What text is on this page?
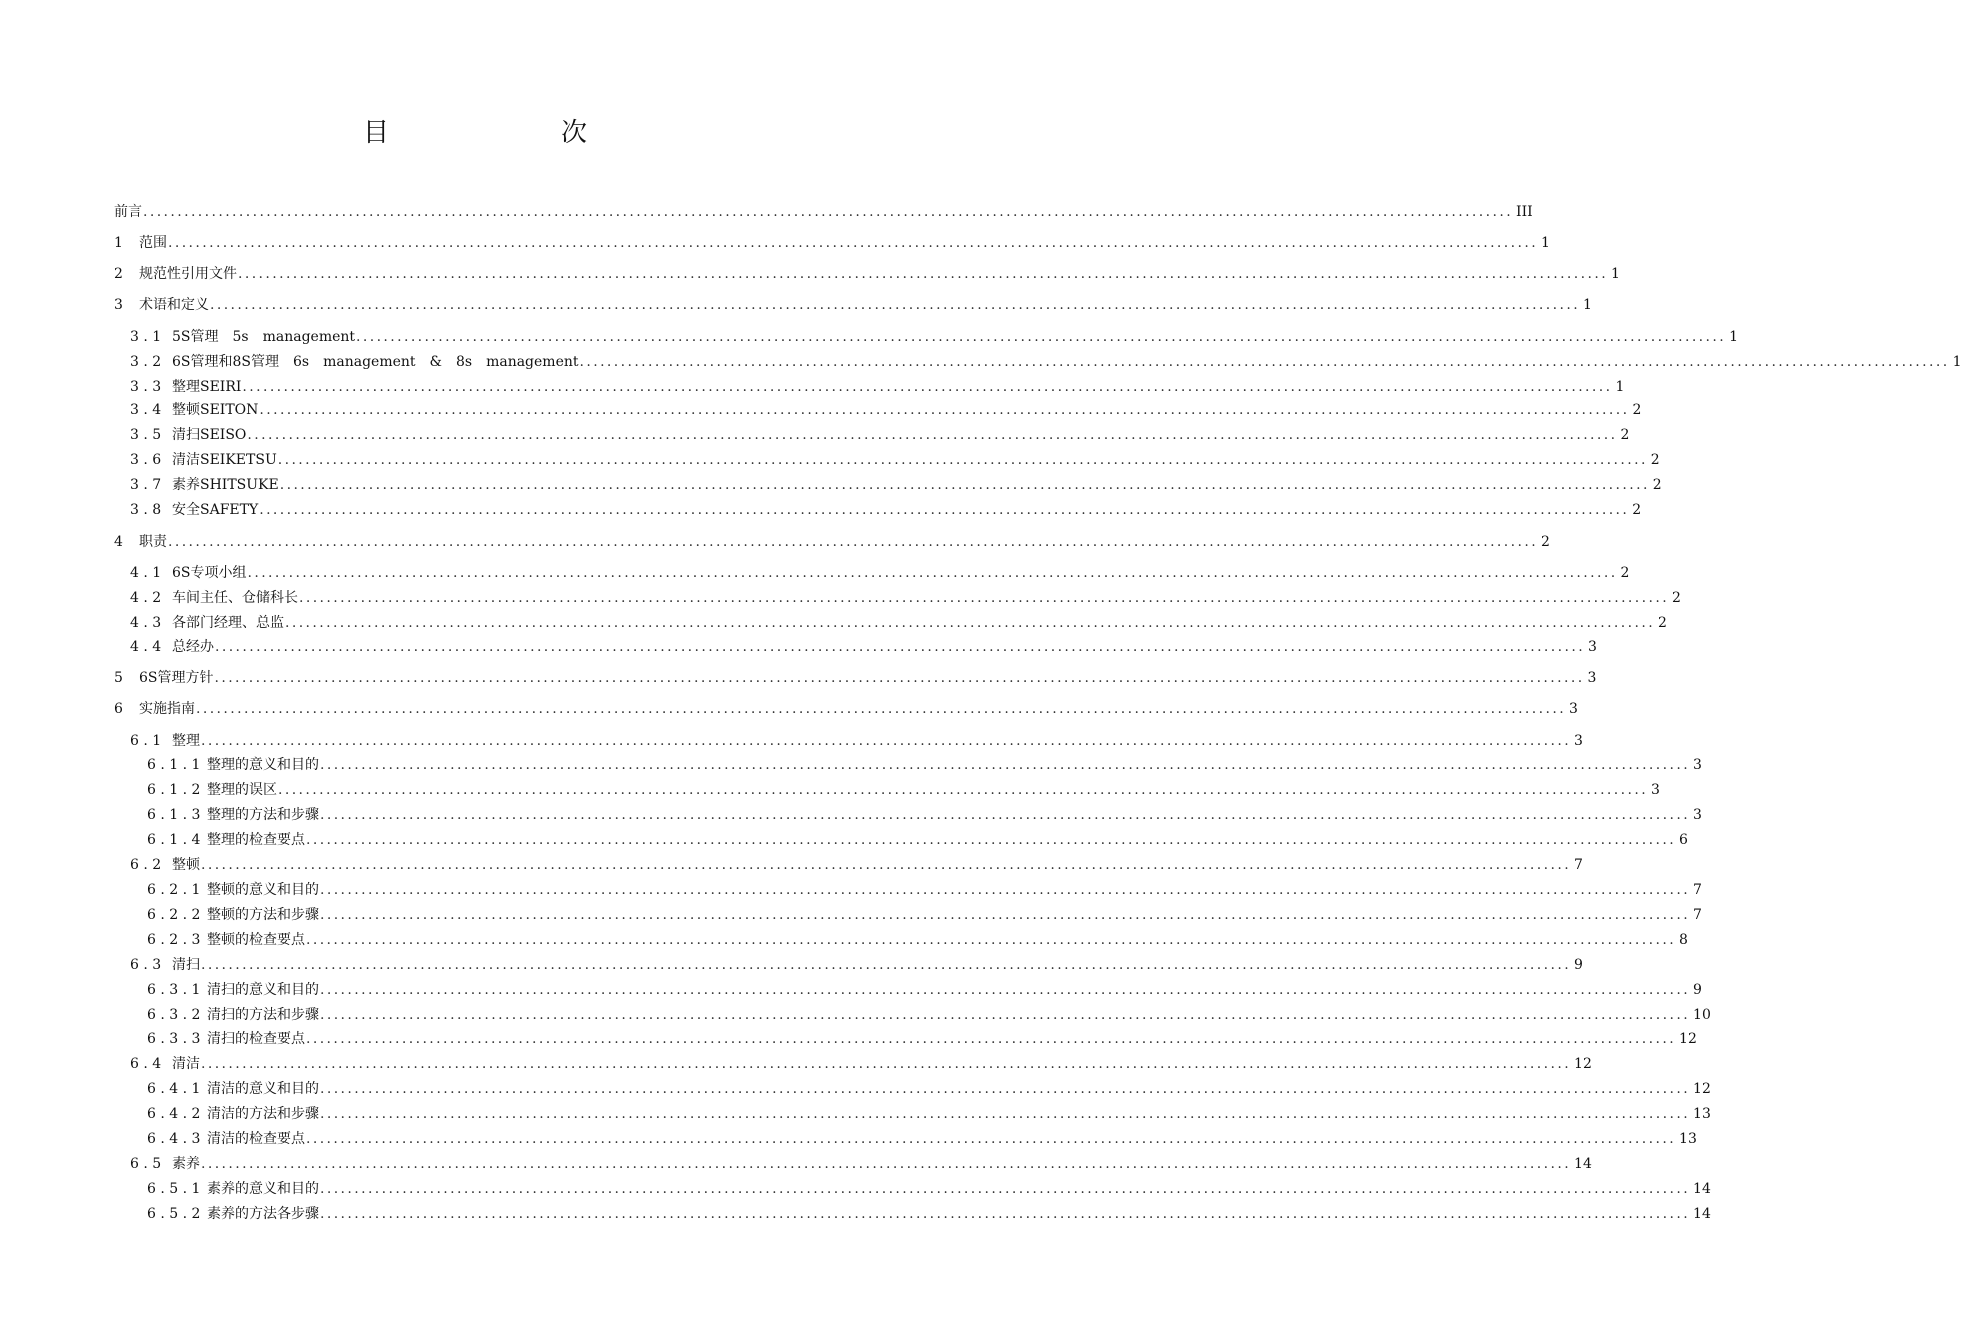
目　　次
前言 ........................................................................................................................................................................................................ III
1	范围 ........................................................................................................................................................................................................ 1
2	规范性引用文件 ........................................................................................................................................................................................................ 1
3	术语和定义 ........................................................................................................................................................................................................ 1
3 . 1 5S管理　5s　management ........................................................................................................................................................................................................ 1
3 . 2 6S管理和8S管理　6s　management　&　8s　management ........................................................................................................................................................................................................ 1
3 . 3 整理SEIRI ........................................................................................................................................................................................................ 1
3 . 4 整顿SEITON ........................................................................................................................................................................................................ 2
3 . 5 清扫SEISO ........................................................................................................................................................................................................ 2
3 . 6 清洁SEIKETSU ........................................................................................................................................................................................................ 2
3 . 7 素养SHITSUKE ........................................................................................................................................................................................................ 2
3 . 8 安全SAFETY ........................................................................................................................................................................................................ 2
4	职责 ........................................................................................................................................................................................................ 2
4 . 1 6S专项小组 ........................................................................................................................................................................................................ 2
4 . 2 车间主任、仓储科长 ........................................................................................................................................................................................................ 2
4 . 3 各部门经理、总监 ........................................................................................................................................................................................................ 2
4 . 4 总经办 ........................................................................................................................................................................................................ 3
5	6S管理方针 ........................................................................................................................................................................................................ 3
6	实施指南 ........................................................................................................................................................................................................ 3
6 . 1 整理 ........................................................................................................................................................................................................ 3
6 . 1 . 1 整理的意义和目的 ........................................................................................................................................................................................................ 3
6 . 1 . 2 整理的误区 ........................................................................................................................................................................................................ 3
6 . 1 . 3 整理的方法和步骤 ........................................................................................................................................................................................................ 3
6 . 1 . 4 整理的检查要点 ........................................................................................................................................................................................................ 6
6 . 2 整顿 ........................................................................................................................................................................................................ 7
6 . 2 . 1 整顿的意义和目的 ........................................................................................................................................................................................................ 7
6 . 2 . 2 整顿的方法和步骤 ........................................................................................................................................................................................................ 7
6 . 2 . 3 整顿的检查要点 ........................................................................................................................................................................................................ 8
6 . 3 清扫 ........................................................................................................................................................................................................ 9
6 . 3 . 1 清扫的意义和目的 ........................................................................................................................................................................................................ 9
6 . 3 . 2 清扫的方法和步骤 ........................................................................................................................................................................................................ 10
6 . 3 . 3 清扫的检查要点 ........................................................................................................................................................................................................ 12
6 . 4 清洁 ........................................................................................................................................................................................................ 12
6 . 4 . 1 清洁的意义和目的 ........................................................................................................................................................................................................ 12
6 . 4 . 2 清洁的方法和步骤 ........................................................................................................................................................................................................ 13
6 . 4 . 3 清洁的检查要点 ........................................................................................................................................................................................................ 13
6 . 5 素养 ........................................................................................................................................................................................................ 14
6 . 5 . 1 素养的意义和目的 ........................................................................................................................................................................................................ 14
6 . 5 . 2 素养的方法各步骤 ........................................................................................................................................................................................................ 14
